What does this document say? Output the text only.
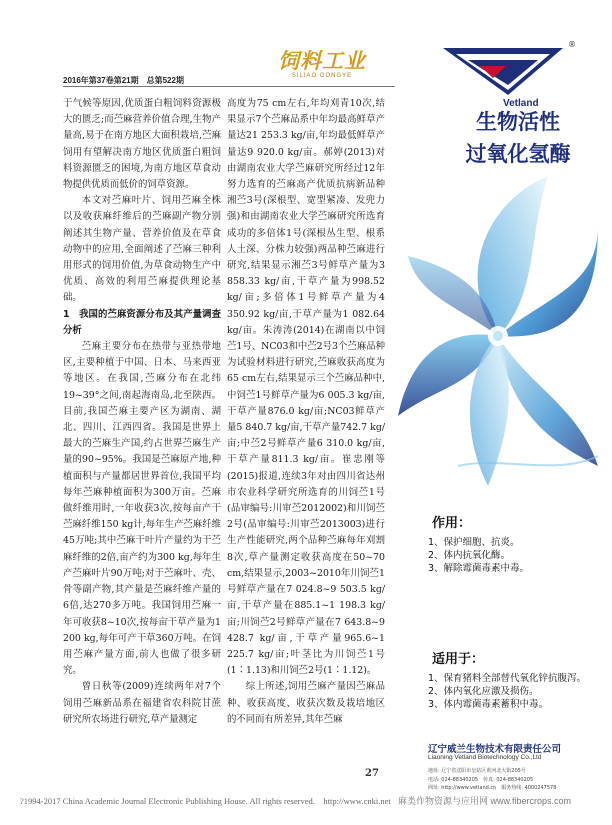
2016年第37卷第21期　总第522期
饲料工业
SILIAO GONGYE

于气候等原因,优质蛋白粗饲料资源极大的匮乏;而苎麻营养价值合理,生物产量高,易于在南方地区大面积栽培,苎麻饲用有望解决南方地区优质蛋白粗饲料资源匮乏的困境,为南方地区草食动物提供优质而低价的饲草资源。

本文对苎麻叶片、饲用苎麻全株以及收获麻纤维后的苎麻副产物分别阐述其生物产量、营养价值及在草食动物中的应用,全面阐述了苎麻三种利用形式的饲用价值,为草食动物生产中优质、高效的利用苎麻提供理论基础。

1　我国的苎麻资源分布及其产量调查分析

苎麻主要分布在热带与亚热带地区,主要种植于中国、日本、马来西亚等地区。在我国,苎麻分布在北纬19~39°之间,南起海南岛,北至陕西。目前,我国苎麻主要产区为湖南、湖北、四川、江西四省。我国是世界上最大的苎麻生产国,约占世界苎麻生产量的90~95%。我国是苎麻原产地,种植面积与产量都居世界首位,我国平均每年苎麻种植面积为300万亩。苎麻做纤维用时,一年收获3次,按每亩产干苎麻纤维150 kg计,每年生产苎麻纤维45万吨;其中苎麻干叶片产量约为干苎麻纤维的2倍,亩产约为300 kg,每年生产苎麻叶片90万吨;对于苎麻叶、壳、骨等副产物,其产量是苎麻纤维产量的6倍,达270多万吨。我国饲用苎麻一年可收获8~10次,按每亩干草产量为1 200 kg,每年可产干草360万吨。在饲用苎麻产量方面,前人也做了很多研究。

曾日秋等(2009)连续两年对7个饲用苎麻新品系在福建省农科院甘蔗研究所农场进行研究,草产量测定

高度为75 cm左右,年均刈青10次,结果显示7个苎麻品系中年均最高鲜草产量达21 253.3 kg/亩,年均最低鲜草产量达9 920.0 kg/亩。郝婷(2013)对由湖南农业大学苎麻研究所经过12年努力选育的苎麻高产优质抗病新品种湘苎3号(深根型、宽型紧凑、发兜力强)和由湖南农业大学苎麻研究所选育成功的多倍体1号(深根丛生型、根系人土深、分株力较强)两品种苎麻进行研究,结果显示湘苎3号鲜草产量为3 858.33 kg/亩,干草产量为998.52 kg/亩;多倍体1号鲜草产量为4 350.92 kg/亩,干草产量为1 082.64 kg/亩。朱涛涛(2014)在湖南以中饲苎1号、NC03和中苎2号3个苎麻品种为试验材料进行研究,苎麻收获高度为65 cm左右,结果显示三个苎麻品种中,中饲苎1号鲜草产量为6 005.3 kg/亩,干草产量876.0 kg/亩;NC03鲜草产量5 840.7 kg/亩,干草产量742.7 kg/亩;中苎2号鲜草产量6 310.0 kg/亩,干草产量811.3 kg/亩。崔忠刚等(2015)报道,连续3年对由四川省达州市农业科学研究所选育的川饲苎1号(品审编号:川审苎2012002)和川饲苎2号(品审编号:川审苎2013003)进行生产性能研究,两个品种苎麻每年刈割8次,草产量测定收获高度在50~70 cm,结果显示,2003~2010年川饲苎1号鲜草产量在7 024.8~9 503.5 kg/亩,干草产量在885.1~1 198.3 kg/亩;川饲苎2号鲜草产量在7 643.8~9 428.7 kg/亩,干草产量965.6~1 225.7 kg/亩;叶茎比为川饲苎1号(1∶1.13)和川饲苎2号(1∶1.12)。

综上所述,饲用苎麻产量因苎麻品种、收获高度、收获次数及栽培地区的不同而有所差异,其年苎麻

27
®
Vetland
生物活性
过氧化氢酶
作用：
1、保护细胞、抗炎。
2、体内抗氧化酶。
3、解除霉菌毒素中毒。
适用于：
1、保育猪料全部替代氧化锌抗腹泻。
2、体内氧化应激及损伤。
3、体内霉菌毒素蓄积中毒。
辽宁威兰生物技术有限责任公司
Liaoning Vetland Biotechnology Co.,Ltd
地址: 辽宁省沈阳市皇姑区黄河北大街205号
电话: 024-88340205　传真: 024-88340205
网址: http://www.vetland.cn　服务热线: 4000247578
?1994-2017 China Academic Journal Electronic Publishing House. All rights reserved.　http://www.cnki.net 麻类作物资源与应用网 www.fibercrops.com
